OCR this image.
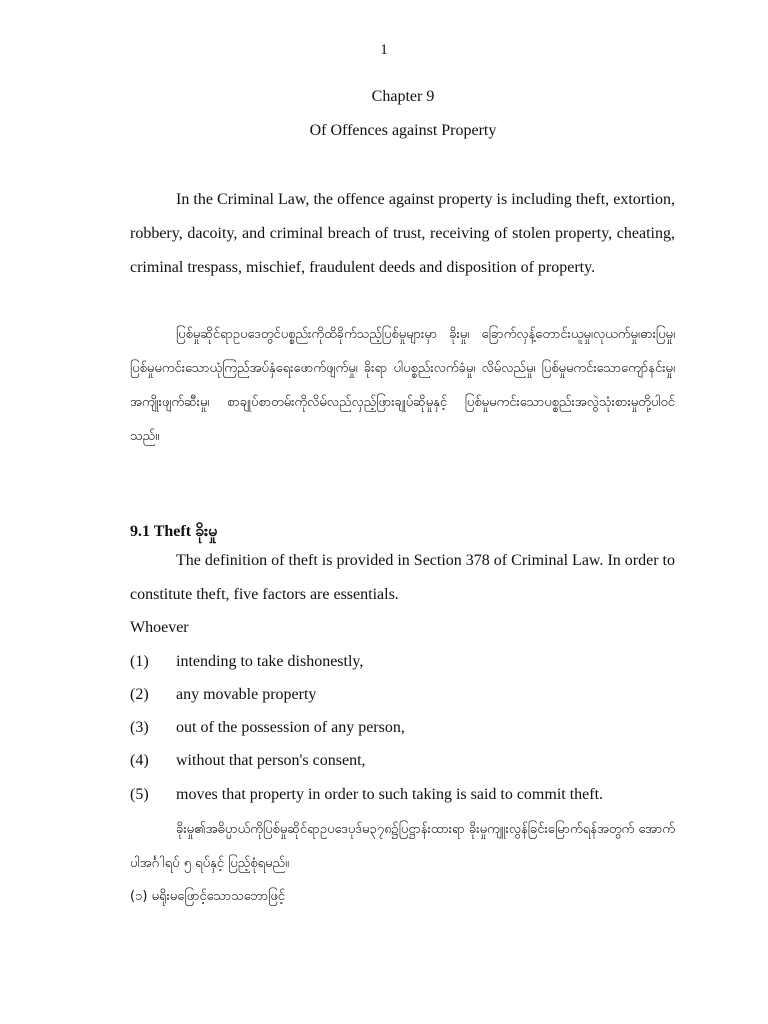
1
Chapter 9
Of Offences against Property

In the Criminal Law, the offence against property is including theft, extortion, robbery, dacoity, and criminal breach of trust, receiving of stolen property, cheating, criminal trespass, mischief, fraudulent deeds and disposition of property.

ပြစ်မှုဆိုင်ရာဥပဒေတွင်ပစ္စည်းကိုထိခိုက်သည့်ပြစ်မှုများမှာ ခိုးမှု၊ ခြောက်လှန့်တောင်းယူမှု၊လုယက်မှု၊ဓားပြမှု၊ ပြစ်မှုမကင်းသောယုံကြည်အပ်နှံရေးဖောက်ဖျက်မှု၊ ခိုးရာ ပါပစ္စည်းလက်ခံမှု၊ လိမ်လည်မှု၊ ပြစ်မှုမကင်းသောကျော်နင်းမှု၊ အကျိုးဖျက်ဆီးမှု၊ စာချုပ်စာတမ်းကိုလိမ်လည်လှည့်ဖြားချုပ်ဆိုမှုနှင့် ပြစ်မှုမကင်းသောပစ္စည်းအလွဲသုံးစားမှုတို့ပါဝင်သည်။

9.1 Theft ခိုးမှု

The definition of theft is provided in Section 378 of Criminal Law. In order to constitute theft, five factors are essentials.

Whoever
(1) intending to take dishonestly,
(2) any movable property
(3) out of the possession of any person,
(4) without that person's consent,
(5) moves that property in order to such taking is said to commit theft.

ခိုးမှု၏အဓိပ္ပာယ်ကိုပြစ်မှုဆိုင်ရာဥပဒေပုဒ်မ၃၇၈၌ပြဋ္ဌာန်းထားရာ ခိုးမှုကျူးလွန်ခြင်းမြောက်ရန်အတွက် အောက်ပါအင်္ဂါရပ် ၅ ရပ်နှင့် ပြည့်စုံရမည်။

(၁) မရိုးမဖြောင့်သောသဘောဖြင့်
